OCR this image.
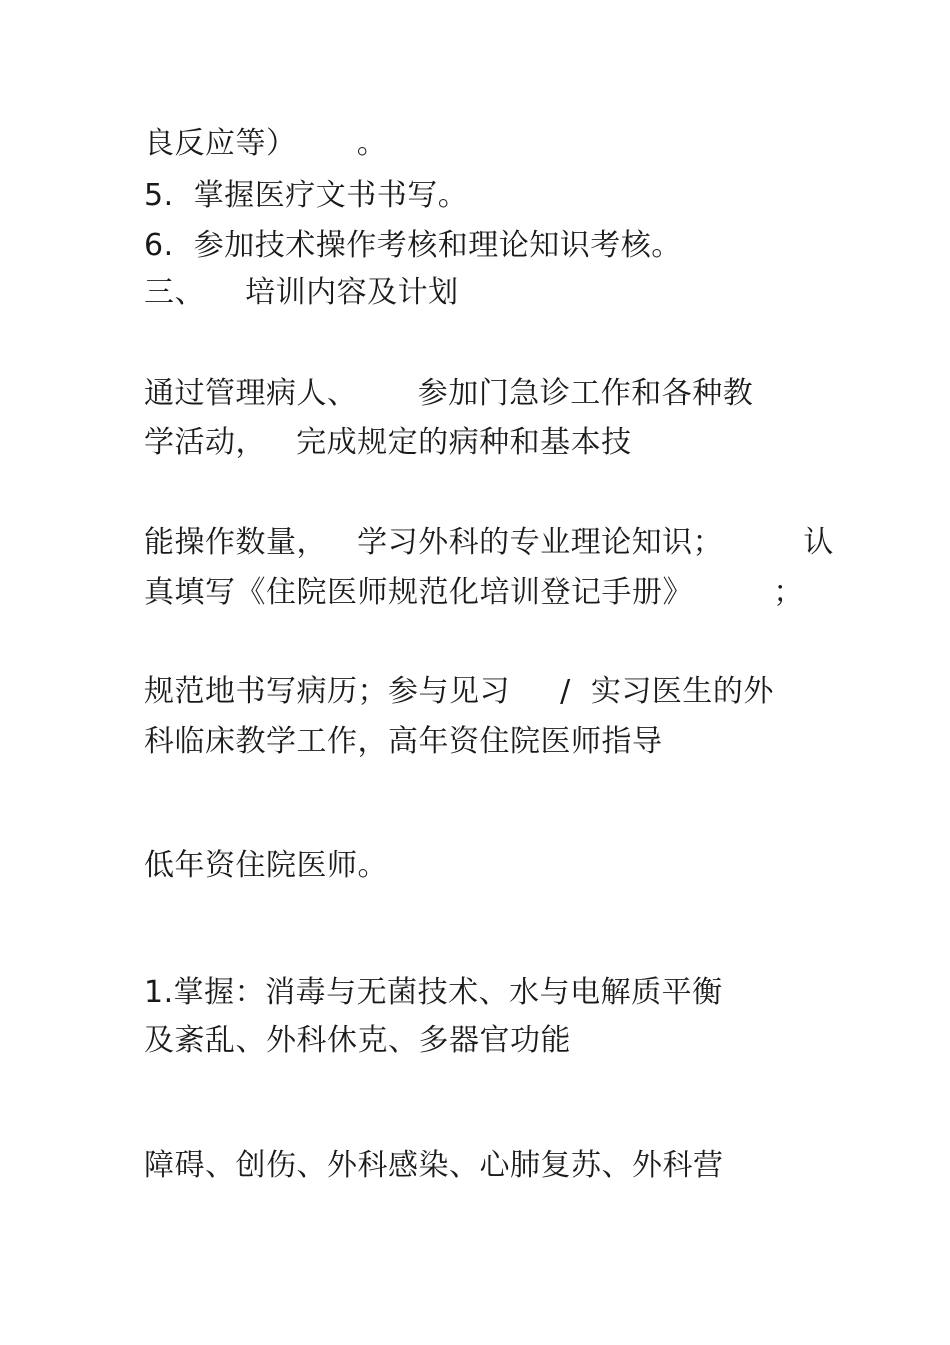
良反应等）      。
5.  掌握医疗文书书写。
6.  参加技术操作考核和理论知识考核。
三、    培训内容及计划
通过管理病人、      参加门急诊工作和各种教
学活动，   完成规定的病种和基本技
能操作数量，   学习外科的专业理论知识；        认
真填写《住院医师规范化培训登记手册》        ；
规范地书写病历；参与见习     /  实习医生的外
科临床教学工作，高年资住院医师指导
低年资住院医师。
1.掌握：消毒与无菌技术、水与电解质平衡
及紊乱、外科休克、多器官功能
障碍、创伤、外科感染、心肺复苏、外科营
